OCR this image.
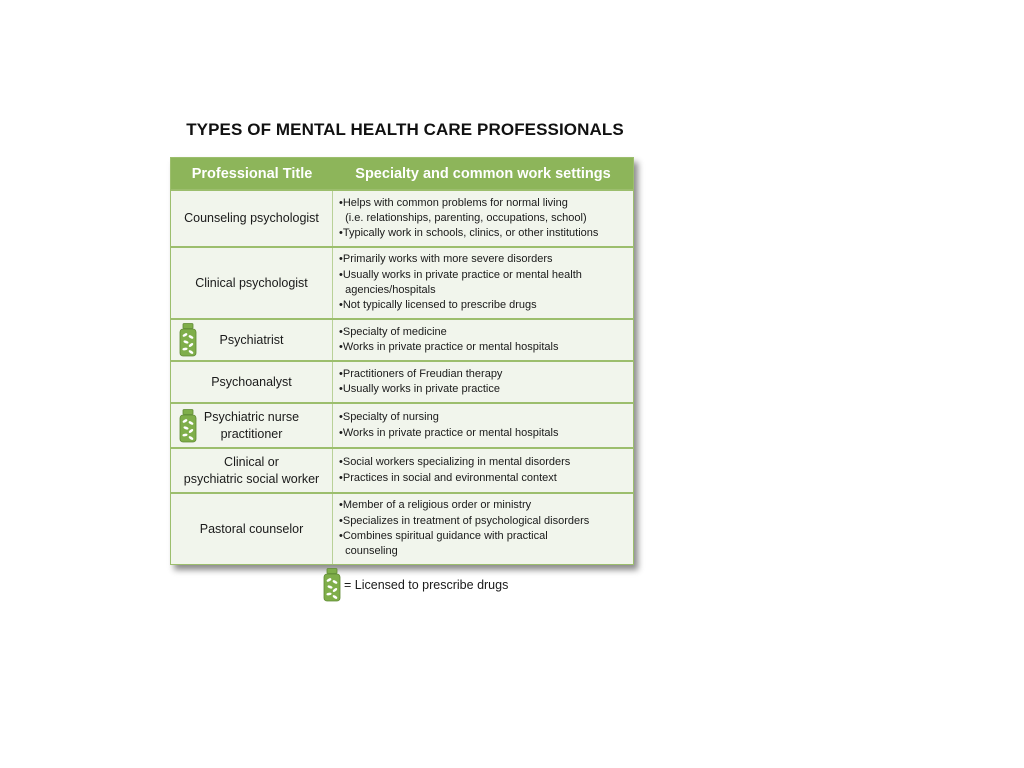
TYPES OF MENTAL HEALTH CARE PROFESSIONALS
Professional Title	Specialty and common work settings
Counseling psychologist
•Helps with common problems for normal living
(i.e. relationships, parenting, occupations, school)
•Typically work in schools, clinics, or other institutions
Clinical psychologist
•Primarily works with more severe disorders
•Usually works in private practice or mental health
agencies/hospitals
•Not typically licensed to prescribe drugs
Psychiatrist
•Specialty of medicine
•Works in private practice or mental hospitals
Psychoanalyst
•Practitioners of Freudian therapy
•Usually works in private practice
Psychiatric nurse
practitioner
•Specialty of nursing
•Works in private practice or mental hospitals
Clinical or
psychiatric social worker
•Social workers specializing in mental disorders
•Practices in social and evironmental context
Pastoral counselor
•Member of a religious order or ministry
•Specializes in treatment of psychological disorders
•Combines spiritual guidance with practical
counseling
= Licensed to prescribe drugs
